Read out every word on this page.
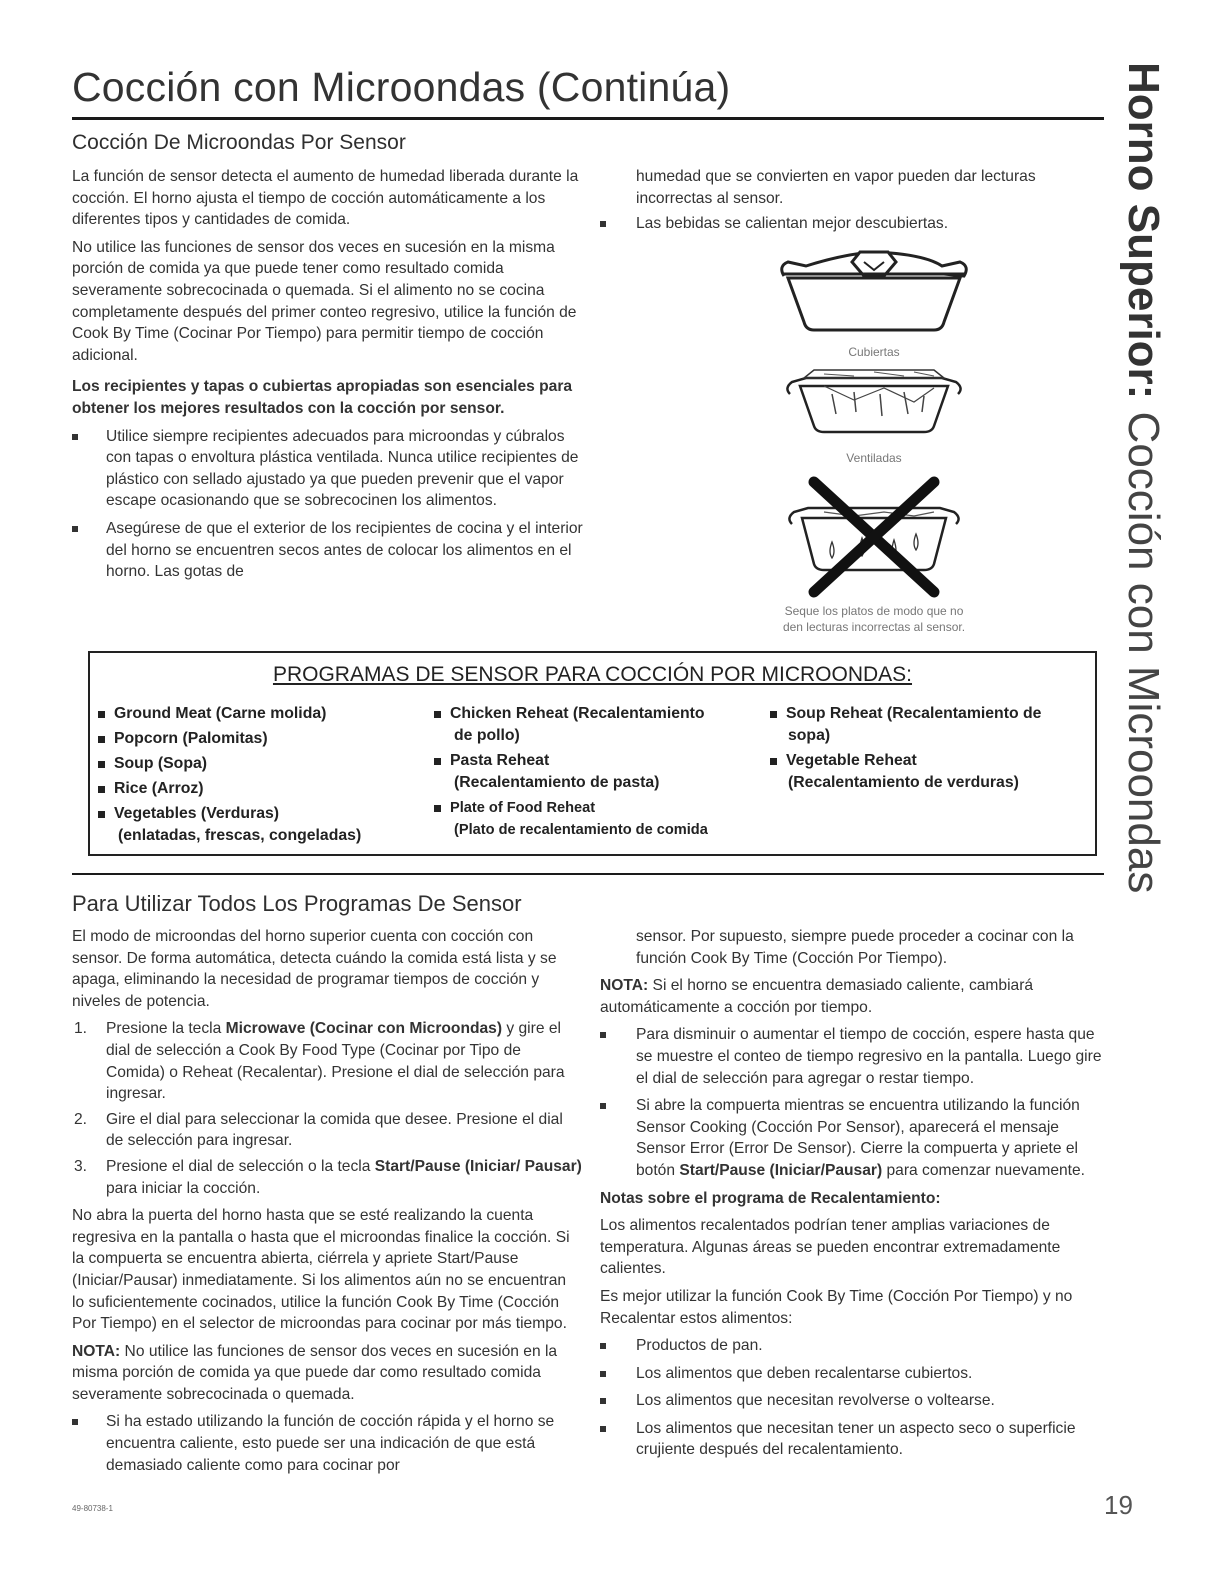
Cocción con Microondas (Continúa)	Horno Superior: Cocción con Microondas
Cocción De Microondas Por Sensor

La función de sensor detecta el aumento de humedad liberada durante la cocción. El horno ajusta el tiempo de cocción automáticamente a los diferentes tipos y cantidades de comida.

No utilice las funciones de sensor dos veces en sucesión en la misma porción de comida ya que puede tener como resultado comida severamente sobrecocinada o quemada. Si el alimento no se cocina completamente después del primer conteo regresivo, utilice la función de Cook By Time (Cocinar Por Tiempo) para permitir tiempo de cocción adicional.

Los recipientes y tapas o cubiertas apropiadas son esenciales para obtener los mejores resultados con la cocción por sensor.

Utilice siempre recipientes adecuados para microondas y cúbralos con tapas o envoltura plástica ventilada. Nunca utilice recipientes de plástico con sellado ajustado ya que pueden prevenir que el vapor escape ocasionando que se sobrecocinen los alimentos.
Asegúrese de que el exterior de los recipientes de cocina y el interior del horno se encuentren secos antes de colocar los alimentos en el horno. Las gotas de

humedad que se convierten en vapor pueden dar lecturas incorrectas al sensor.

Las bebidas se calientan mejor descubiertas.
Cubiertas
Ventiladas
Seque los platos de modo que no
den lecturas incorrectas al sensor.
PROGRAMAS DE SENSOR PARA COCCIÓN POR MICROONDAS:
Ground Meat (Carne molida)
Popcorn (Palomitas)
Soup (Sopa)
Rice (Arroz)
Vegetables (Verduras)
(enlatadas, frescas, congeladas)
Chicken Reheat (Recalentamiento
de pollo)
Pasta Reheat
(Recalentamiento de pasta)
Plate of Food Reheat
(Plato de recalentamiento de comida
Soup Reheat (Recalentamiento de
sopa)
Vegetable Reheat
(Recalentamiento de verduras)
Para Utilizar Todos Los Programas De Sensor

El modo de microondas del horno superior cuenta con cocción con sensor. De forma automática, detecta cuándo la comida está lista y se apaga, eliminando la necesidad de programar tiempos de cocción y niveles de potencia.

1. Presione la tecla Microwave (Cocinar con Microondas) y gire el dial de selección a Cook By Food Type (Cocinar por Tipo de Comida) o Reheat (Recalentar). Presione el dial de selección para ingresar.
2. Gire el dial para seleccionar la comida que desee. Presione el dial de selección para ingresar.
3. Presione el dial de selección o la tecla Start/Pause (Iniciar/ Pausar) para iniciar la cocción.

No abra la puerta del horno hasta que se esté realizando la cuenta regresiva en la pantalla o hasta que el microondas finalice la cocción. Si la compuerta se encuentra abierta, ciérrela y apriete Start/Pause (Iniciar/Pausar) inmediatamente. Si los alimentos aún no se encuentran lo suficientemente cocinados, utilice la función Cook By Time (Cocción Por Tiempo) en el selector de microondas para cocinar por más tiempo.

NOTA: No utilice las funciones de sensor dos veces en sucesión en la misma porción de comida ya que puede dar como resultado comida severamente sobrecocinada o quemada.

Si ha estado utilizando la función de cocción rápida y el horno se encuentra caliente, esto puede ser una indicación de que está demasiado caliente como para cocinar por

sensor. Por supuesto, siempre puede proceder a cocinar con la función Cook By Time (Cocción Por Tiempo).

NOTA: Si el horno se encuentra demasiado caliente, cambiará automáticamente a cocción por tiempo.

Para disminuir o aumentar el tiempo de cocción, espere hasta que se muestre el conteo de tiempo regresivo en la pantalla. Luego gire el dial de selección para agregar o restar tiempo.
Si abre la compuerta mientras se encuentra utilizando la función Sensor Cooking (Cocción Por Sensor), aparecerá el mensaje Sensor Error (Error De Sensor). Cierre la compuerta y apriete el botón Start/Pause (Iniciar/Pausar) para comenzar nuevamente.

Notas sobre el programa de Recalentamiento:

Los alimentos recalentados podrían tener amplias variaciones de temperatura. Algunas áreas se pueden encontrar extremadamente calientes.

Es mejor utilizar la función Cook By Time (Cocción Por Tiempo) y no Recalentar estos alimentos:

Productos de pan.
Los alimentos que deben recalentarse cubiertos.
Los alimentos que necesitan revolverse o voltearse.
Los alimentos que necesitan tener un aspecto seco o superficie crujiente después del recalentamiento.
49-80738-1	19
